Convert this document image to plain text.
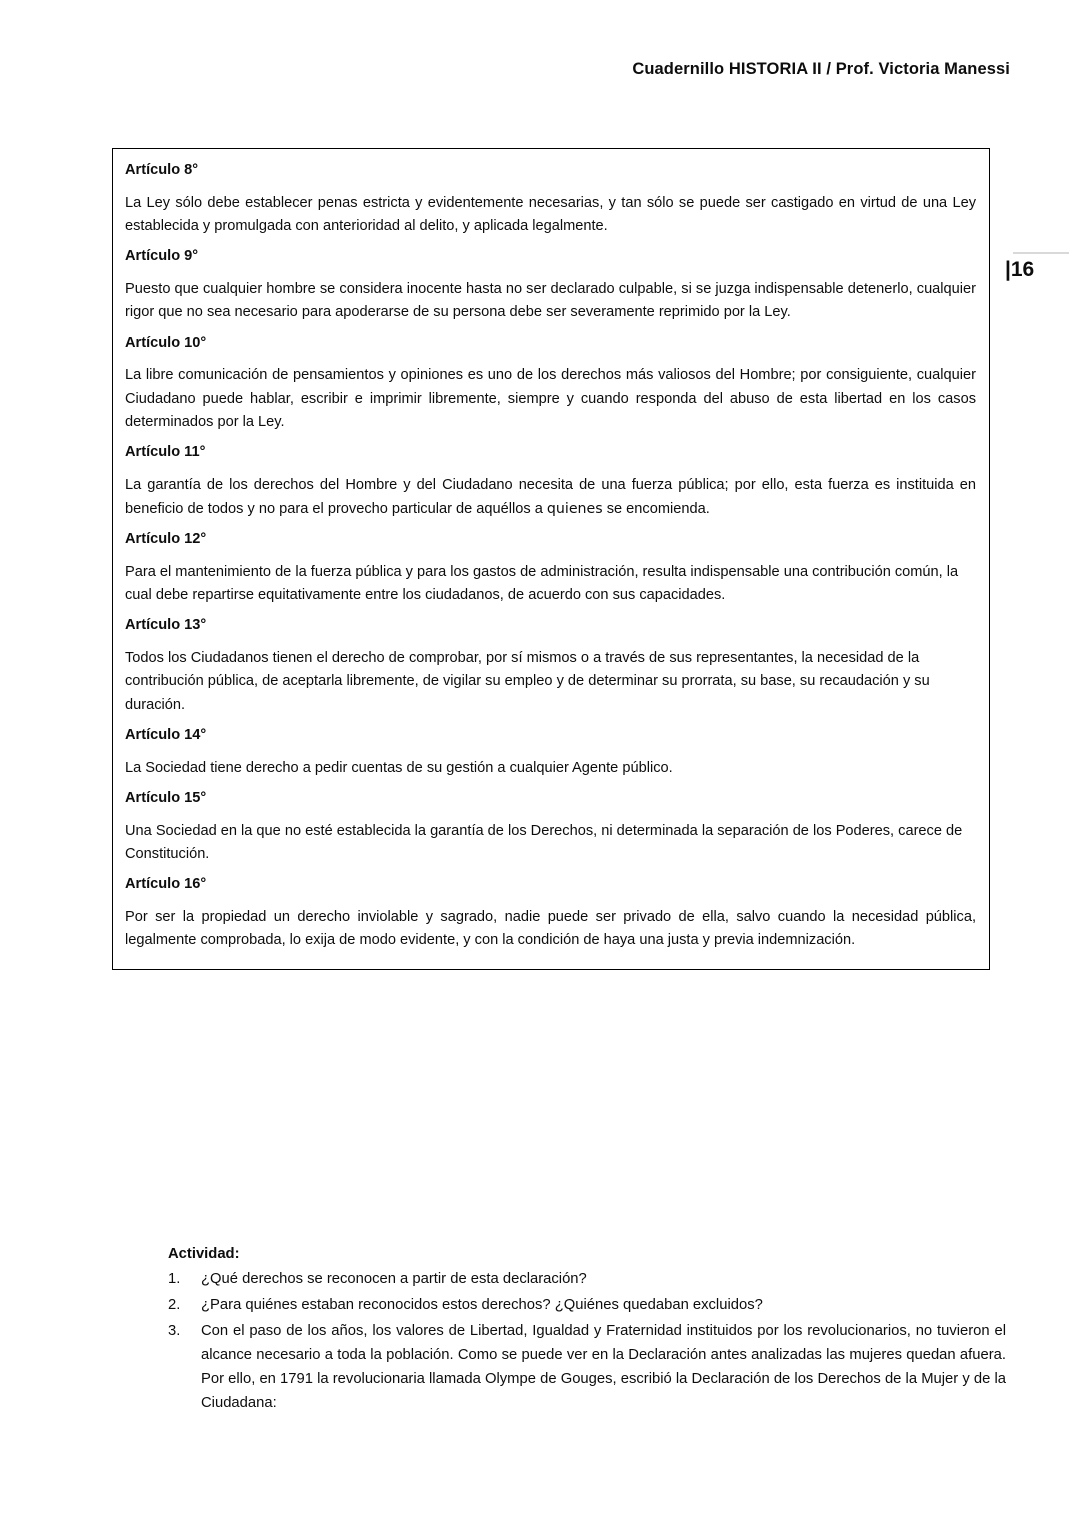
Cuadernillo HISTORIA II / Prof. Victoria Manessi
|16
Artículo 8°

La Ley sólo debe establecer penas estricta y evidentemente necesarias, y tan sólo se puede ser castigado en virtud de una Ley establecida y promulgada con anterioridad al delito, y aplicada legalmente.

Artículo 9°

Puesto que cualquier hombre se considera inocente hasta no ser declarado culpable, si se juzga indispensable detenerlo, cualquier rigor que no sea necesario para apoderarse de su persona debe ser severamente reprimido por la Ley.

Artículo 10°

La libre comunicación de pensamientos y opiniones es uno de los derechos más valiosos del Hombre; por consiguiente, cualquier Ciudadano puede hablar, escribir e imprimir libremente, siempre y cuando responda del abuso de esta libertad en los casos determinados por la Ley.

Artículo 11°

La garantía de los derechos del Hombre y del Ciudadano necesita de una fuerza pública; por ello, esta fuerza es instituida en beneficio de todos y no para el provecho particular de aquéllos a quienes se encomienda.

Artículo 12°

Para el mantenimiento de la fuerza pública y para los gastos de administración, resulta indispensable una contribución común, la cual debe repartirse equitativamente entre los ciudadanos, de acuerdo con sus capacidades.

Artículo 13°

Todos los Ciudadanos tienen el derecho de comprobar, por sí mismos o a través de sus representantes, la necesidad de la contribución pública, de aceptarla libremente, de vigilar su empleo y de determinar su prorrata, su base, su recaudación y su duración.

Artículo 14°

La Sociedad tiene derecho a pedir cuentas de su gestión a cualquier Agente público.

Artículo 15°

Una Sociedad en la que no esté establecida la garantía de los Derechos, ni determinada la separación de los Poderes, carece de Constitución.

Artículo 16°

Por ser la propiedad un derecho inviolable y sagrado, nadie puede ser privado de ella, salvo cuando la necesidad pública, legalmente comprobada, lo exija de modo evidente, y con la condición de haya una justa y previa indemnización.

Actividad:
1.	¿Qué derechos se reconocen a partir de esta declaración?
2.	¿Para quiénes estaban reconocidos estos derechos? ¿Quiénes quedaban excluidos?
3.	Con el paso de los años, los valores de Libertad, Igualdad y Fraternidad instituidos por los revolucionarios, no tuvieron el alcance necesario a toda la población. Como se puede ver en la Declaración antes analizadas las mujeres quedan afuera. Por ello, en 1791 la revolucionaria llamada Olympe de Gouges, escribió la Declaración de los Derechos de la Mujer y de la Ciudadana:
